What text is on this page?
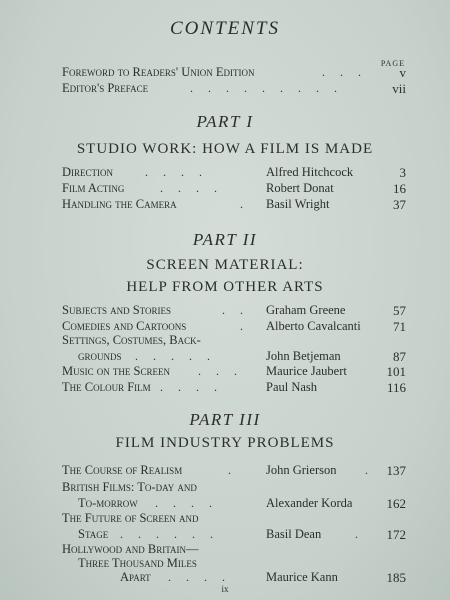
CONTENTS
PAGE
Foreword to Readers' Union Edition	. . .	v
Editor's Preface	. . . . . . . . .	vii
PART I
STUDIO WORK: HOW A FILM IS MADE
Direction	. . . .	Alfred Hitchcock	3
Film Acting	. . . .	Robert Donat	16
Handling the Camera	. Basil Wright	37
PART II
SCREEN MATERIAL:
HELP FROM OTHER ARTS
Subjects and Stories	. . Graham Greene	57
Comedies and Cartoons	. Alberto Cavalcanti	71
Settings, Costumes, Back-
grounds . . . . .	John Betjeman	87
Music on the Screen . . . Maurice Jaubert	101
The Colour Film . . . .	Paul Nash	116
PART III
FILM INDUSTRY PROBLEMS
The Course of Realism	. John Grierson . 137
British Films: To-day and
To-morrow . . . .	Alexander Korda	162
The Future of Screen and
Stage . . . . . .	Basil Dean	.	172
Hollywood and Britain—
Three Thousand Miles
Apart . . . .	Maurice Kann	185
ix
